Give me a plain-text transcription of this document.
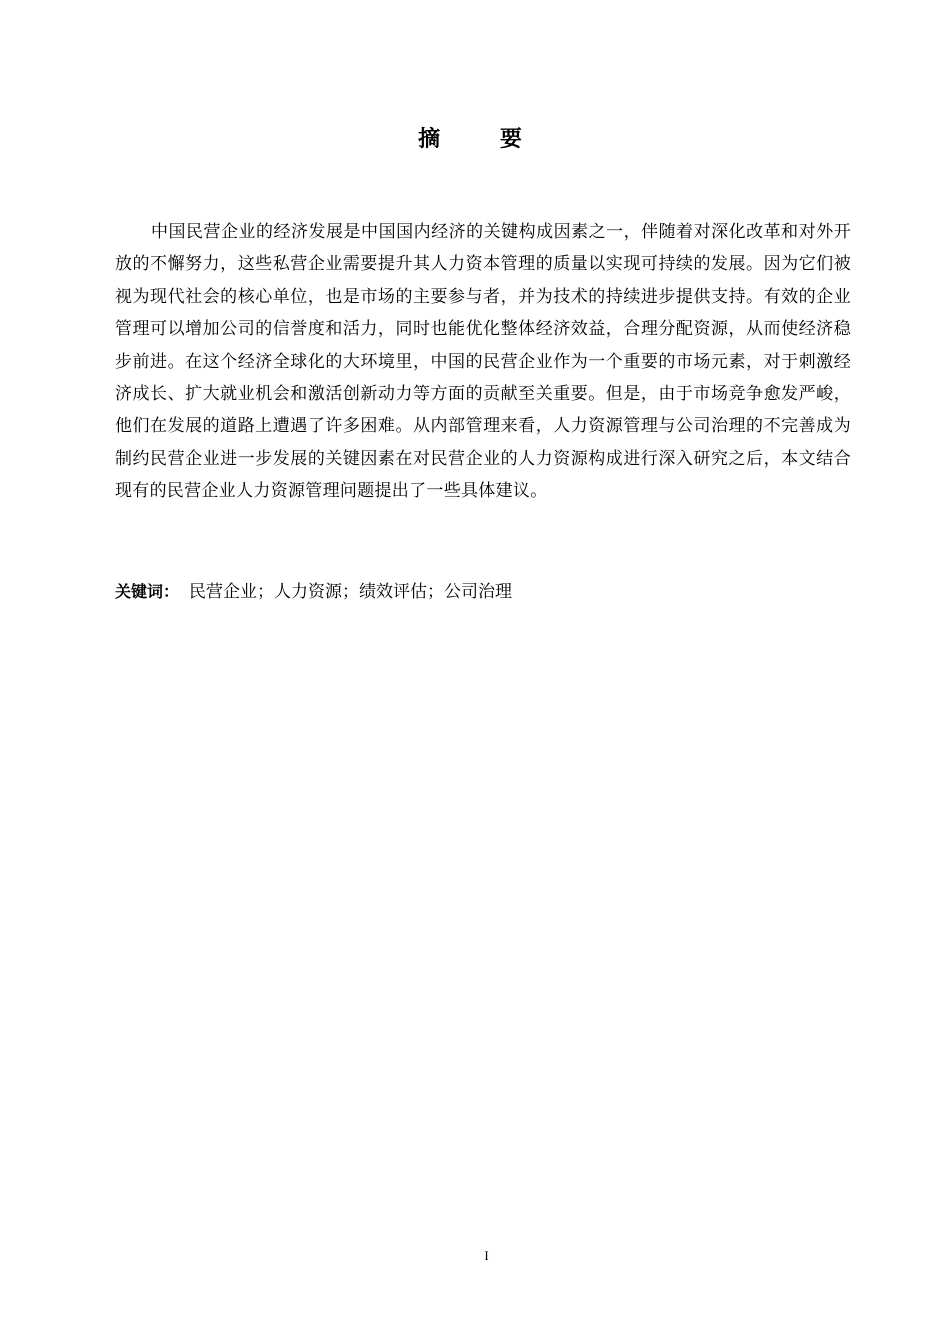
摘 要

中国民营企业的经济发展是中国国内经济的关键构成因素之一，伴随着对深化改革和对外开放的不懈努力，这些私营企业需要提升其人力资本管理的质量以实现可持续的发展。因为它们被视为现代社会的核心单位，也是市场的主要参与者，并为技术的持续进步提供支持。有效的企业管理可以增加公司的信誉度和活力，同时也能优化整体经济效益，合理分配资源，从而使经济稳步前进。在这个经济全球化的大环境里，中国的民营企业作为一个重要的市场元素，对于刺激经济成长、扩大就业机会和激活创新动力等方面的贡献至关重要。但是，由于市场竞争愈发严峻，他们在发展的道路上遭遇了许多困难。从内部管理来看，人力资源管理与公司治理的不完善成为制约民营企业进一步发展的关键因素在对民营企业的人力资源构成进行深入研究之后，本文结合现有的民营企业人力资源管理问题提出了一些具体建议。

关键词： 民营企业；人力资源；绩效评估；公司治理

I
